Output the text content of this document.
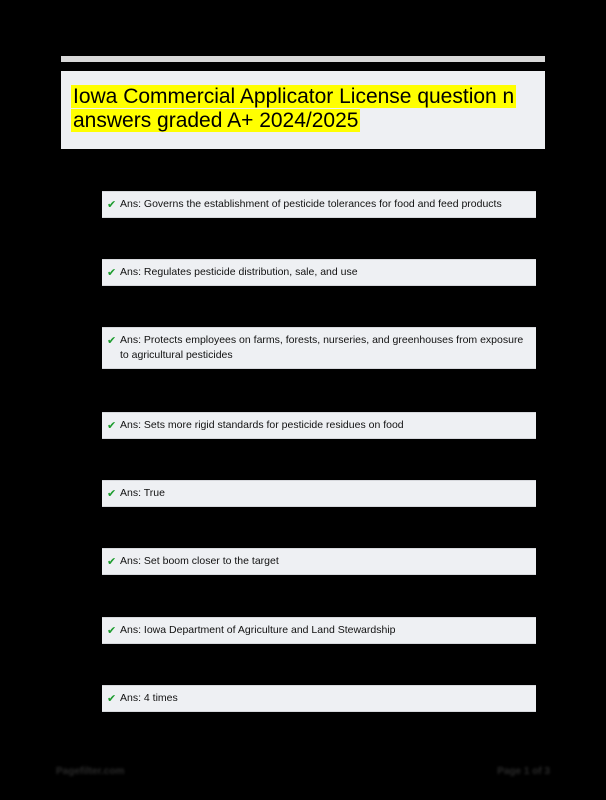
Iowa Commercial Applicator License question n answers graded A+ 2024/2025
✔ Ans: Governs the establishment of pesticide tolerances for food and feed products
✔ Ans: Regulates pesticide distribution, sale, and use
✔ Ans: Protects employees on farms, forests, nurseries, and greenhouses from exposure to agricultural pesticides
✔ Ans: Sets more rigid standards for pesticide residues on food
✔ Ans: True
✔ Ans: Set boom closer to the target
✔ Ans: Iowa Department of Agriculture and Land Stewardship
✔ Ans: 4 times
Pagefilter.com	Page 1 of 3
